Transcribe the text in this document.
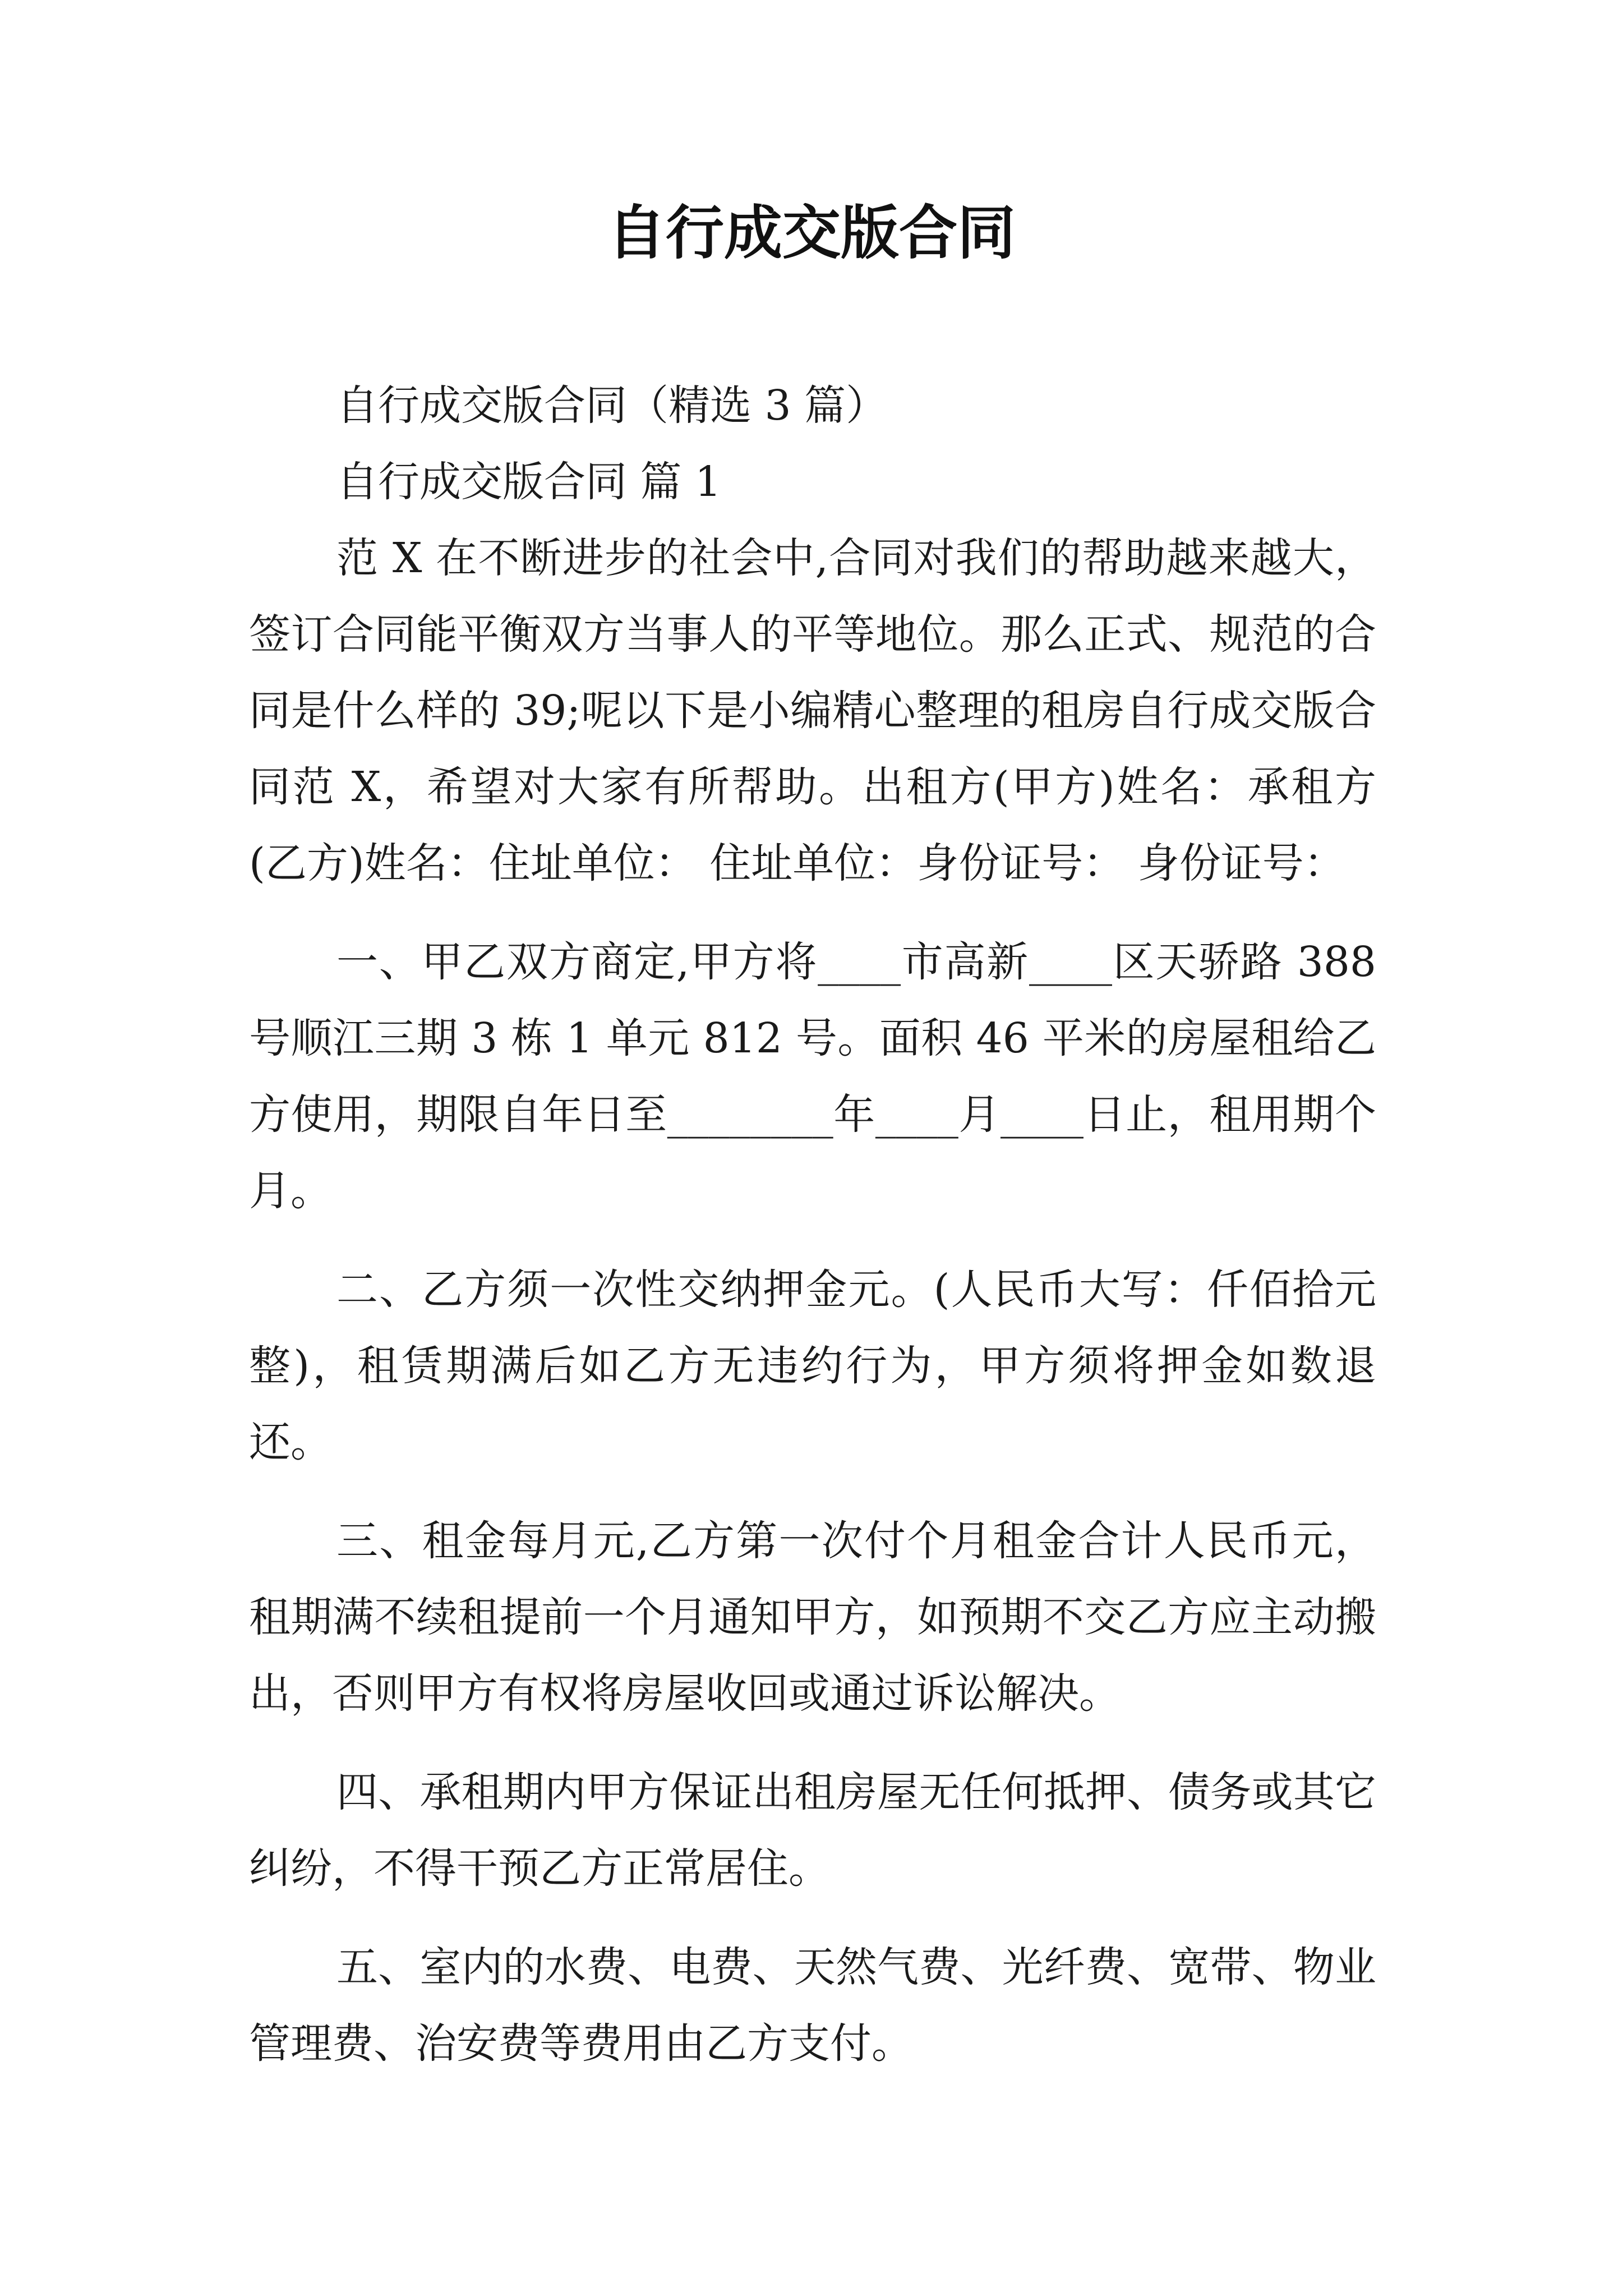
自行成交版合同

自行成交版合同（精选 3 篇）

自行成交版合同 篇 1

范 X 在不断进步的社会中,合同对我们的帮助越来越大，签订合同能平衡双方当事人的平等地位。那么正式、规范的合同是什么样的 39;呢以下是小编精心整理的租房自行成交版合同范 X，希望对大家有所帮助。出租方(甲方)姓名：承租方(乙方)姓名：住址单位： 住址单位：身份证号： 身份证号：
一、甲乙双方商定,甲方将____市高新____区天骄路 388 号顺江三期 3 栋 1 单元 812 号。面积 46 平米的房屋租给乙方使用，期限自年日至________年____月____日止，租用期个月。
二、乙方须一次性交纳押金元。(人民币大写：仟佰拾元整)，租赁期满后如乙方无违约行为，甲方须将押金如数退还。
三、租金每月元,乙方第一次付个月租金合计人民币元，租期满不续租提前一个月通知甲方，如预期不交乙方应主动搬出，否则甲方有权将房屋收回或通过诉讼解决。
四、承租期内甲方保证出租房屋无任何抵押、债务或其它纠纷，不得干预乙方正常居住。
五、室内的水费、电费、天然气费、光纤费、宽带、物业管理费、治安费等费用由乙方支付。
